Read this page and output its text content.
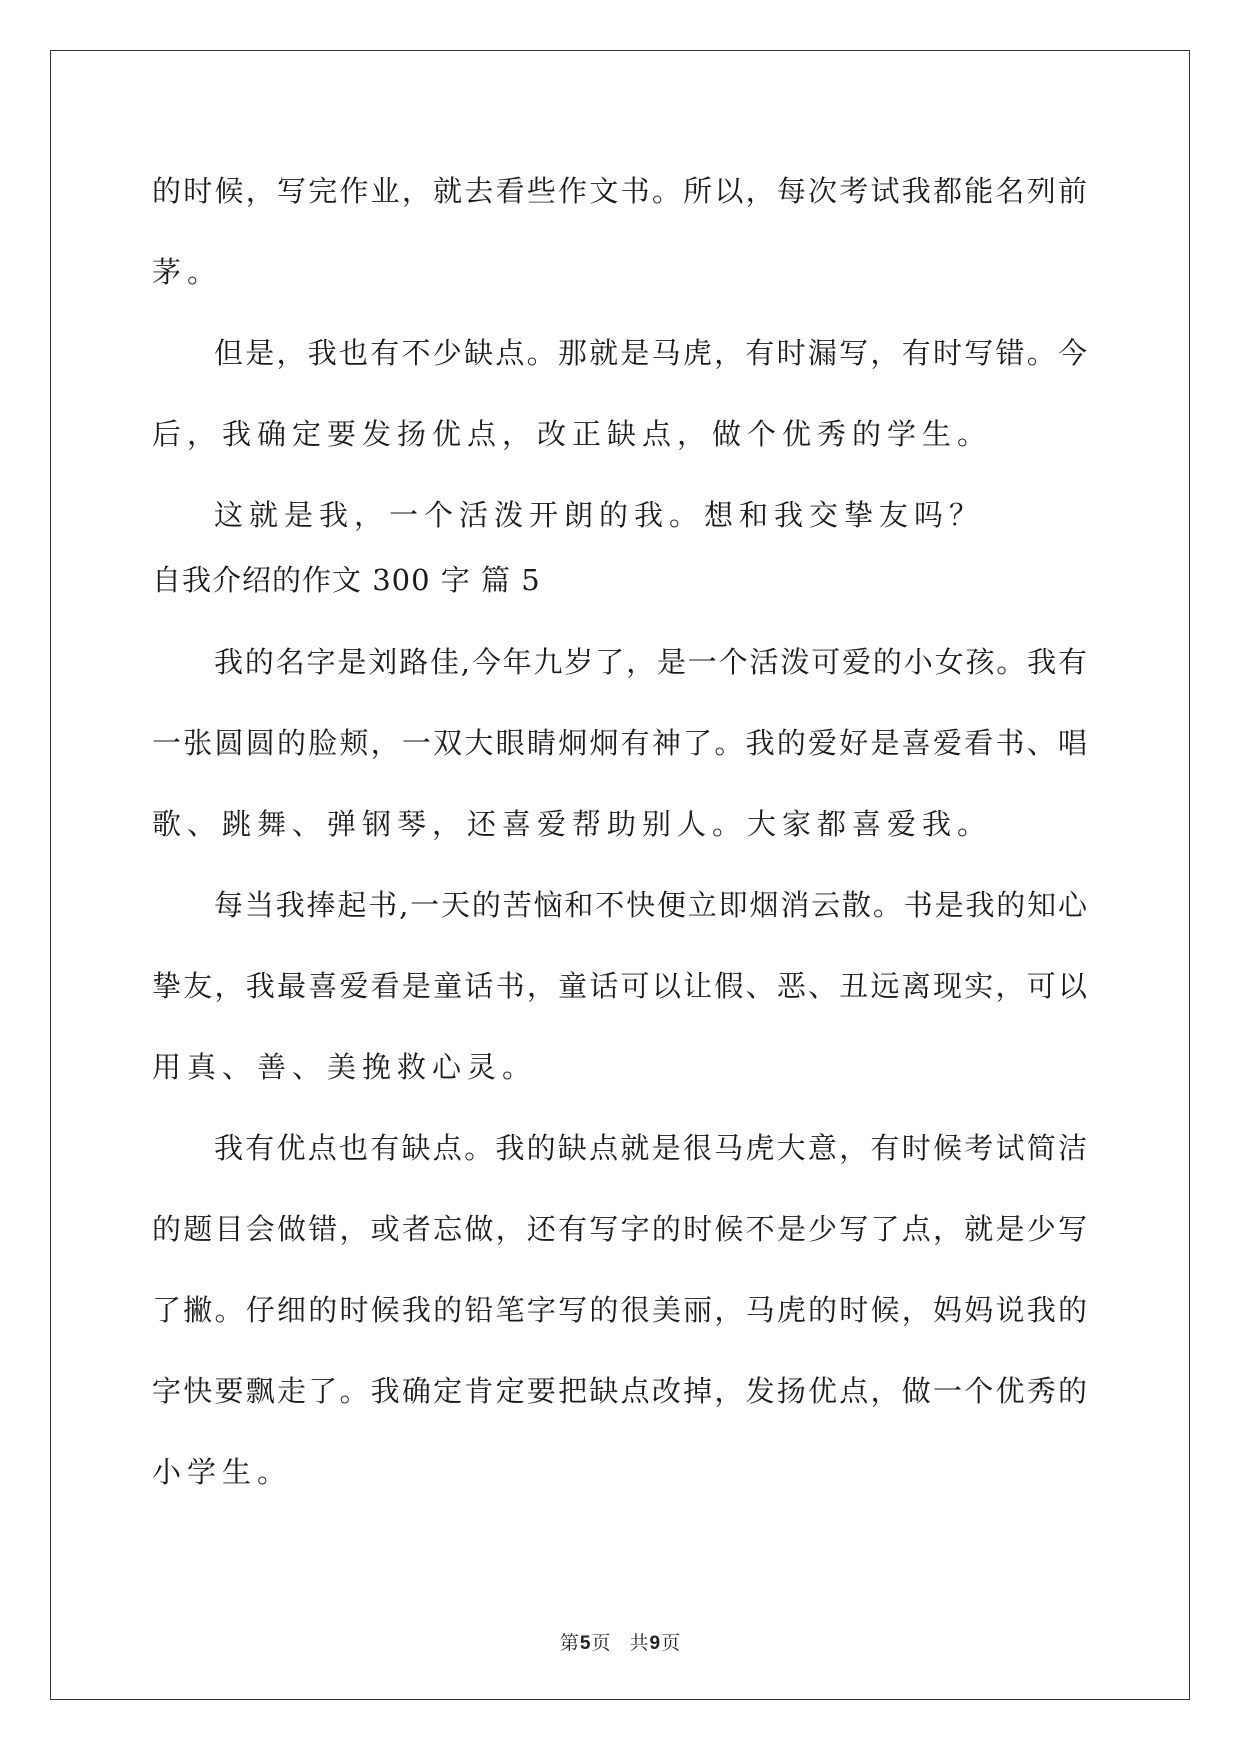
的时候，写完作业，就去看些作文书。所以，每次考试我都能名列前
茅。
但是，我也有不少缺点。那就是马虎，有时漏写，有时写错。今
后，我确定要发扬优点，改正缺点，做个优秀的学生。
这就是我，一个活泼开朗的我。想和我交挚友吗？
自我介绍的作文 300 字 篇 5
我的名字是刘路佳,今年九岁了，是一个活泼可爱的小女孩。我有
一张圆圆的脸颊，一双大眼睛炯炯有神了。我的爱好是喜爱看书、唱
歌、跳舞、弹钢琴，还喜爱帮助别人。大家都喜爱我。
每当我捧起书,一天的苦恼和不快便立即烟消云散。书是我的知心
挚友，我最喜爱看是童话书，童话可以让假、恶、丑远离现实，可以
用真、善、美挽救心灵。
我有优点也有缺点。我的缺点就是很马虎大意，有时候考试简洁
的题目会做错，或者忘做，还有写字的时候不是少写了点，就是少写
了撇。仔细的时候我的铅笔字写的很美丽，马虎的时候，妈妈说我的
字快要飘走了。我确定肯定要把缺点改掉，发扬优点，做一个优秀的
小学生。
第5页 共9页
